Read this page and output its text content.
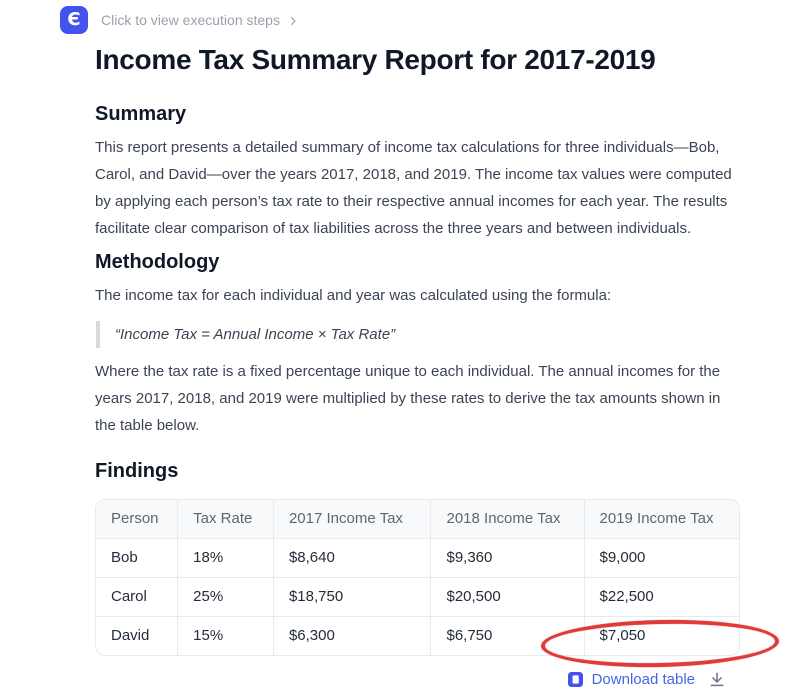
Є	Click to view execution steps
Income Tax Summary Report for 2017-2019
Summary

This report presents a detailed summary of income tax calculations for three individuals—Bob, Carol, and David—over the years 2017, 2018, and 2019. The income tax values were computed by applying each person’s tax rate to their respective annual incomes for each year. The results facilitate clear comparison of tax liabilities across the three years and between individuals.

Methodology

The income tax for each individual and year was calculated using the formula:

“Income Tax = Annual Income × Tax Rate”

Where the tax rate is a fixed percentage unique to each individual. The annual incomes for the years 2017, 2018, and 2019 were multiplied by these rates to derive the tax amounts shown in the table below.

Findings
Person	Tax Rate	2017 Income Tax	2018 Income Tax	2019 Income Tax
Bob	18%	$8,640	$9,360	$9,000
Carol	25%	$18,750	$20,500	$22,500
David	15%	$6,300	$6,750	$7,050
Download table
